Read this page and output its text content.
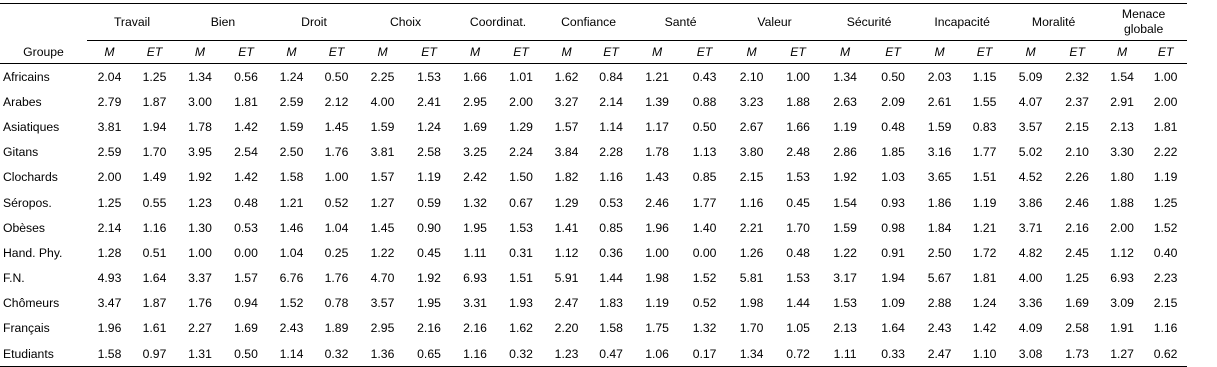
	Travail		Bien		Droit		Choix		Coordinat.		Confiance		Santé		Valeur		Sécurité		Incapacité		Moralité		Menace globale	
Groupe	M	ET	M	ET	M	ET	M	ET	M	ET	M	ET	M	ET	M	ET	M	ET	M	ET	M	ET	M	ET
Africains	2.04	1.25	1.34	0.56	1.24	0.50	2.25	1.53	1.66	1.01	1.62	0.84	1.21	0.43	2.10	1.00	1.34	0.50	2.03	1.15	5.09	2.32	1.54	1.00
Arabes	2.79	1.87	3.00	1.81	2.59	2.12	4.00	2.41	2.95	2.00	3.27	2.14	1.39	0.88	3.23	1.88	2.63	2.09	2.61	1.55	4.07	2.37	2.91	2.00
Asiatiques	3.81	1.94	1.78	1.42	1.59	1.45	1.59	1.24	1.69	1.29	1.57	1.14	1.17	0.50	2.67	1.66	1.19	0.48	1.59	0.83	3.57	2.15	2.13	1.81
Gitans	2.59	1.70	3.95	2.54	2.50	1.76	3.81	2.58	3.25	2.24	3.84	2.28	1.78	1.13	3.80	2.48	2.86	1.85	3.16	1.77	5.02	2.10	3.30	2.22
Clochards	2.00	1.49	1.92	1.42	1.58	1.00	1.57	1.19	2.42	1.50	1.82	1.16	1.43	0.85	2.15	1.53	1.92	1.03	3.65	1.51	4.52	2.26	1.80	1.19
Séropos.	1.25	0.55	1.23	0.48	1.21	0.52	1.27	0.59	1.32	0.67	1.29	0.53	2.46	1.77	1.16	0.45	1.54	0.93	1.86	1.19	3.86	2.46	1.88	1.25
Obèses	2.14	1.16	1.30	0.53	1.46	1.04	1.45	0.90	1.95	1.53	1.41	0.85	1.96	1.40	2.21	1.70	1.59	0.98	1.84	1.21	3.71	2.16	2.00	1.52
Hand. Phy.	1.28	0.51	1.00	0.00	1.04	0.25	1.22	0.45	1.11	0.31	1.12	0.36	1.00	0.00	1.26	0.48	1.22	0.91	2.50	1.72	4.82	2.45	1.12	0.40
F.N.	4.93	1.64	3.37	1.57	6.76	1.76	4.70	1.92	6.93	1.51	5.91	1.44	1.98	1.52	5.81	1.53	3.17	1.94	5.67	1.81	4.00	1.25	6.93	2.23
Chômeurs	3.47	1.87	1.76	0.94	1.52	0.78	3.57	1.95	3.31	1.93	2.47	1.83	1.19	0.52	1.98	1.44	1.53	1.09	2.88	1.24	3.36	1.69	3.09	2.15
Français	1.96	1.61	2.27	1.69	2.43	1.89	2.95	2.16	2.16	1.62	2.20	1.58	1.75	1.32	1.70	1.05	2.13	1.64	2.43	1.42	4.09	2.58	1.91	1.16
Etudiants	1.58	0.97	1.31	0.50	1.14	0.32	1.36	0.65	1.16	0.32	1.23	0.47	1.06	0.17	1.34	0.72	1.11	0.33	2.47	1.10	3.08	1.73	1.27	0.62
